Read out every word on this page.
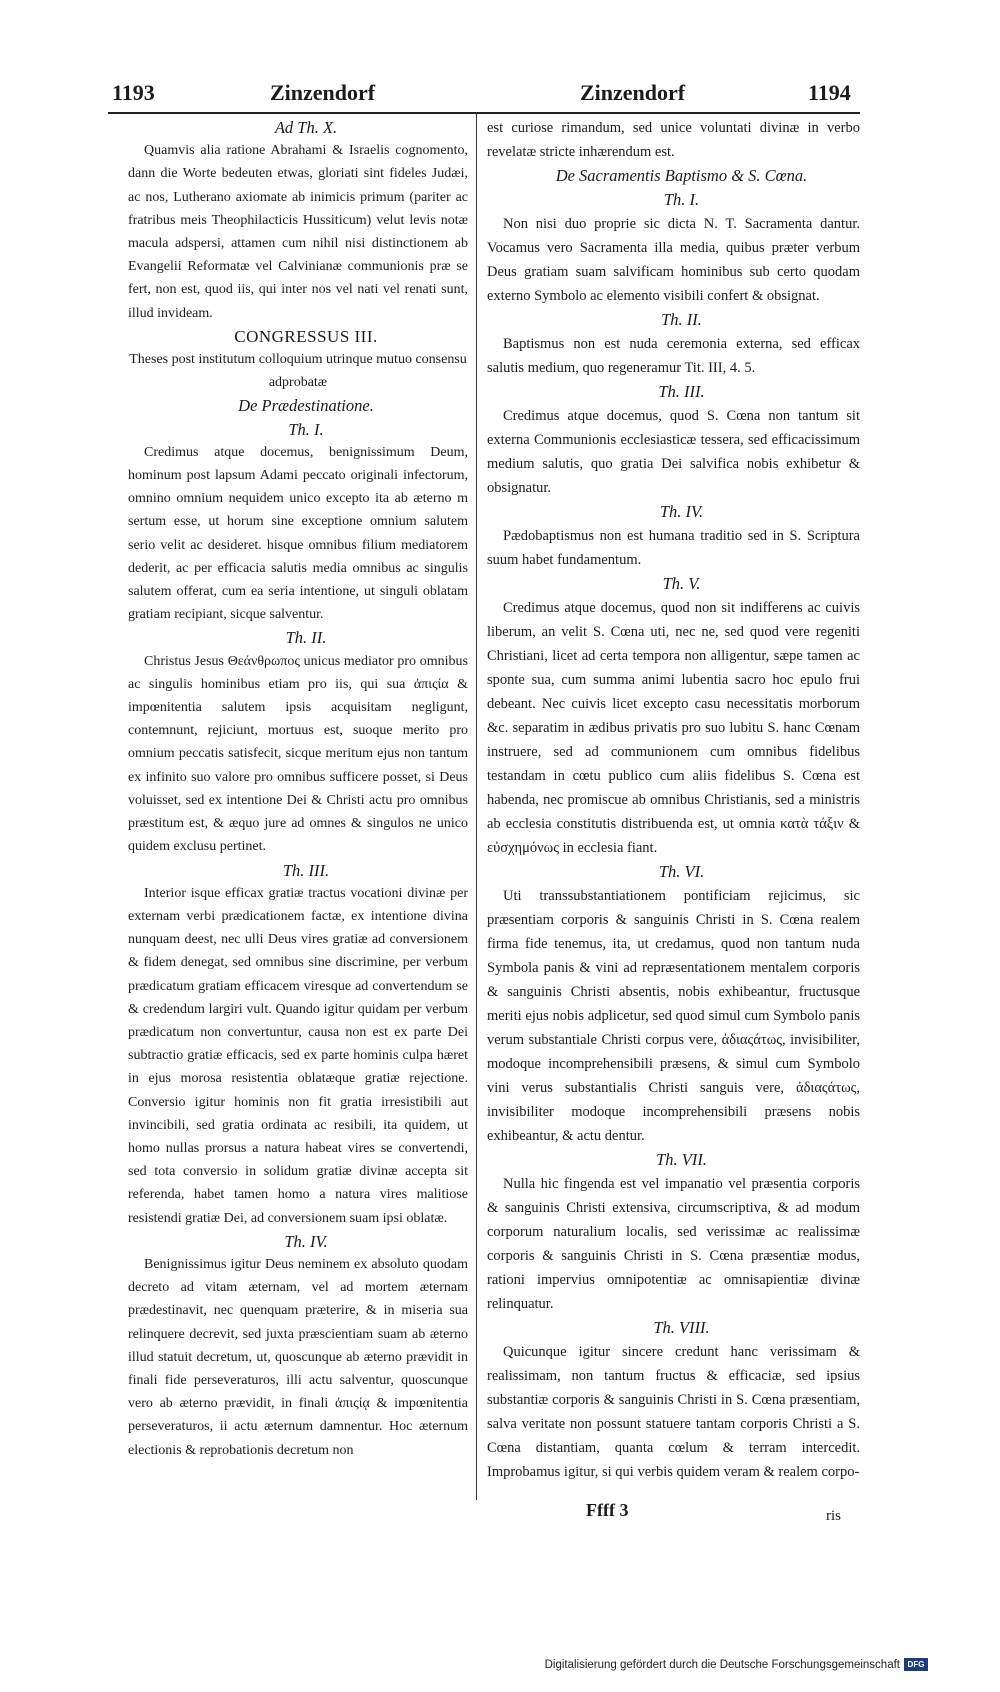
1193	Zinzendorf	Zinzendorf	1194

Ad Th. X.

Quamvis alia ratione Abrahami & Israelis cognomento, dann die Worte bedeuten etwas, gloriati sint fideles Judæi, ac nos, Lutherano axiomate ab inimicis primum (pariter ac fratribus meis Theophilacticis Hussiticum) velut levis notæ macula adspersi, attamen cum nihil nisi distinctionem ab Evangelii Reformatæ vel Calvinianæ communionis præ se fert, non est, quod iis, qui inter nos vel nati vel renati sunt, illud invideam.

CONGRESSUS III.

Theses post institutum colloquium utrinque mutuo consensu adprobatæ

De Prædestinatione.

Th. I.

Credimus atque docemus, benignissimum Deum, hominum post lapsum Adami peccato originali infectorum, omnino omnium nequidem unico excepto ita ab æterno m sertum esse, ut horum sine exceptione omnium salutem serio velit ac desideret. hisque omnibus filium mediatorem dederit, ac per efficacia salutis media omnibus ac singulis salutem offerat, cum ea seria intentione, ut singuli oblatam gratiam recipiant, sicque salventur.

Th. II.

Christus Jesus Θεάνθρωπος unicus mediator pro omnibus ac singulis hominibus etiam pro iis, qui sua ἀπιςία & impœnitentia salutem ipsis acquisitam negligunt, contemnunt, rejiciunt, mortuus est, suoque merito pro omnium peccatis satisfecit, sicque meritum ejus non tantum ex infinito suo valore pro omnibus sufficere posset, si Deus voluisset, sed ex intentione Dei & Christi actu pro omnibus præstitum est, & æquo jure ad omnes & singulos ne unico quidem exclusu pertinet.

Th. III.

Interior isque efficax gratiæ tractus vocationi divinæ per externam verbi prædicationem factæ, ex intentione divina nunquam deest, nec ulli Deus vires gratiæ ad conversionem & fidem denegat, sed omnibus sine discrimine, per verbum prædicatum gratiam efficacem viresque ad convertendum se & credendum largiri vult. Quando igitur quidam per verbum prædicatum non convertuntur, causa non est ex parte Dei subtractio gratiæ efficacis, sed ex parte hominis culpa hæret in ejus morosa resistentia oblatæque gratiæ rejectione. Conversio igitur hominis non fit gratia irresistibili aut invincibili, sed gratia ordinata ac resibili, ita quidem, ut homo nullas prorsus a natura habeat vires se convertendi, sed tota conversio in solidum gratiæ divinæ accepta sit referenda, habet tamen homo a natura vires malitiose resistendi gratiæ Dei, ad conversionem suam ipsi oblatæ.

Th. IV.

Benignissimus igitur Deus neminem ex absoluto quodam decreto ad vitam æternam, vel ad mortem æternam prædestinavit, nec quenquam præterire, & in miseria sua relinquere decrevit, sed juxta præscientiam suam ab æterno illud statuit decretum, ut, quoscunque ab æterno prævidit in finali fide perseveraturos, illi actu salventur, quoscunque vero ab æterno prævidit, in finali ἀπιςίᾳ & impœnitentia perseveraturos, ii actu æternum damnentur. Hoc æternum electionis & reprobationis decretum non

est curiose rimandum, sed unice voluntati divinæ in verbo revelatæ stricte inhærendum est.

De Sacramentis Baptismo & S. Cœna.

Th. I.

Non nisi duo proprie sic dicta N. T. Sacramenta dantur. Vocamus vero Sacramenta illa media, quibus præter verbum Deus gratiam suam salvificam hominibus sub certo quodam externo Symbolo ac elemento visibili confert & obsignat.

Th. II.

Baptismus non est nuda ceremonia externa, sed efficax salutis medium, quo regeneramur Tit. III, 4. 5.

Th. III.

Credimus atque docemus, quod S. Cœna non tantum sit externa Communionis ecclesiasticæ tessera, sed efficacissimum medium salutis, quo gratia Dei salvifica nobis exhibetur & obsignatur.

Th. IV.

Pædobaptismus non est humana traditio sed in S. Scriptura suum habet fundamentum.

Th. V.

Credimus atque docemus, quod non sit indifferens ac cuivis liberum, an velit S. Cœna uti, nec ne, sed quod vere regeniti Christiani, licet ad certa tempora non alligentur, sæpe tamen ac sponte sua, cum summa animi lubentia sacro hoc epulo frui debeant. Nec cuivis licet excepto casu necessitatis morborum &c. separatim in ædibus privatis pro suo lubitu S. hanc Cœnam instruere, sed ad communionem cum omnibus fidelibus testandam in cœtu publico cum aliis fidelibus S. Cœna est habenda, nec promiscue ab omnibus Christianis, sed a ministris ab ecclesia constitutis distribuenda est, ut omnia κατὰ τάξιν & εὐσχημόνως in ecclesia fiant.

Th. VI.

Uti transsubstantiationem pontificiam rejicimus, sic præsentiam corporis & sanguinis Christi in S. Cœna realem firma fide tenemus, ita, ut credamus, quod non tantum nuda Symbola panis & vini ad repræsentationem mentalem corporis & sanguinis Christi absentis, nobis exhibeantur, fructusque meriti ejus nobis adplicetur, sed quod simul cum Symbolo panis verum substantiale Christi corpus vere, ἀδιαςάτως, invisibiliter, modoque incomprehensibili præsens, & simul cum Symbolo vini verus substantialis Christi sanguis vere, ἀδιαςάτως, invisibiliter modoque incomprehensibili præsens nobis exhibeantur, & actu dentur.

Th. VII.

Nulla hic fingenda est vel impanatio vel præsentia corporis & sanguinis Christi extensiva, circumscriptiva, & ad modum corporum naturalium localis, sed verissimæ ac realissimæ corporis & sanguinis Christi in S. Cœna præsentiæ modus, rationi impervius omnipotentiæ ac omnisapientiæ divinæ relinquatur.

Th. VIII.

Quicunque igitur sincere credunt hanc verissimam & realissimam, non tantum fructus & efficaciæ, sed ipsius substantiæ corporis & sanguinis Christi in S. Cœna præsentiam, salva veritate non possunt statuere tantam corporis Christi a S. Cœna distantiam, quanta cœlum & terram intercedit. Improbamus igitur, si qui verbis quidem veram & realem corpo-

Ffff 3	ris
Digitalisierung gefördert durch die Deutsche Forschungsgemeinschaft DFG
